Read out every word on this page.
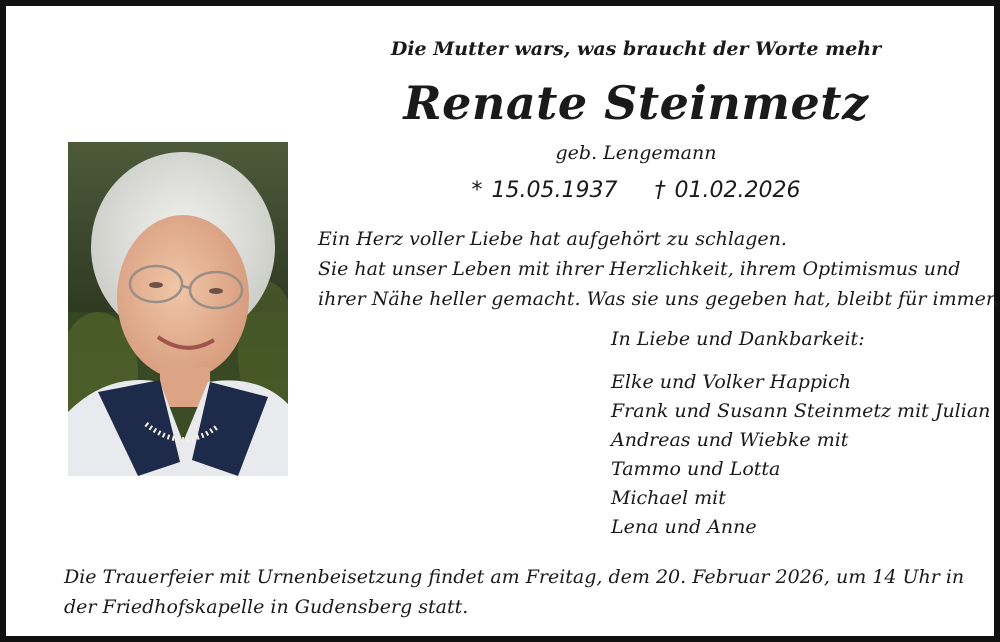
Die Mutter wars, was braucht der Worte mehr
Renate Steinmetz
geb. Lengemann
* 15.05.1937 † 01.02.2026
Ein Herz voller Liebe hat aufgehört zu schlagen.
Sie hat unser Leben mit ihrer Herzlichkeit, ihrem Optimismus und
ihrer Nähe heller gemacht. Was sie uns gegeben hat, bleibt für immer.
In Liebe und Dankbarkeit:
Elke und Volker Happich
Frank und Susann Steinmetz mit Julian
Andreas und Wiebke mit
Tammo und Lotta
Michael mit
Lena und Anne
Die Trauerfeier mit Urnenbeisetzung findet am Freitag, dem 20. Februar 2026, um 14 Uhr in
der Friedhofskapelle in Gudensberg statt.
